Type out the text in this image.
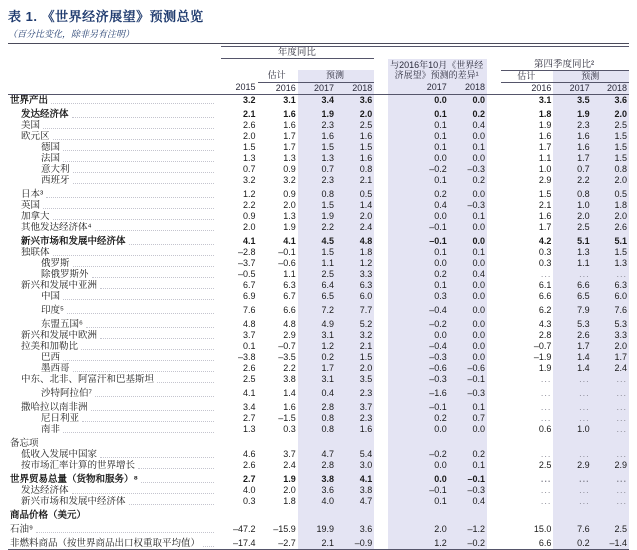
表 1. 《世界经济展望》预测总览
（百分比变化，除非另有注明）
	年度同比										

						与2016年10月《世界经
济展望》预测的差异¹			第四季度同比²		
		估计	预测						估计	预测	
	2015	2016	2017	2018		2017	2018		2016	2017	2018

世界产出	3.2	3.1	3.4	3.6		0.0	0.0		3.1	3.5	3.6

发达经济体	2.1	1.6	1.9	2.0		0.1	0.2		1.8	1.9	2.0

美国	2.6	1.6	2.3	2.5		0.1	0.4		1.9	2.3	2.5

欧元区	2.0	1.7	1.6	1.6		0.1	0.0		1.6	1.6	1.5

德国	1.5	1.7	1.5	1.5		0.1	0.1		1.7	1.6	1.5

法国	1.3	1.3	1.3	1.6		0.0	0.0		1.1	1.7	1.5

意大利	0.7	0.9	0.7	0.8		–0.2	–0.3		1.0	0.7	0.8

西班牙	3.2	3.2	2.3	2.1		0.1	0.2		2.9	2.2	2.0

日本³	1.2	0.9	0.8	0.5		0.2	0.0		1.5	0.8	0.5

英国	2.2	2.0	1.5	1.4		0.4	–0.3		2.1	1.0	1.8

加拿大	0.9	1.3	1.9	2.0		0.0	0.1		1.6	2.0	2.0

其他发达经济体⁴	2.0	1.9	2.2	2.4		–0.1	0.0		1.7	2.5	2.6

新兴市场和发展中经济体	4.1	4.1	4.5	4.8		–0.1	0.0		4.2	5.1	5.1

独联体	–2.8	–0.1	1.5	1.8		0.1	0.1		0.3	1.3	1.5

俄罗斯	–3.7	–0.6	1.1	1.2		0.0	0.0		0.3	1.1	1.3

除俄罗斯外	–0.5	1.1	2.5	3.3		0.2	0.4		...	...	...

新兴和发展中亚洲	6.7	6.3	6.4	6.3		0.1	0.0		6.1	6.6	6.3

中国	6.9	6.7	6.5	6.0		0.3	0.0		6.6	6.5	6.0

印度⁵	7.6	6.6	7.2	7.7		–0.4	0.0		6.2	7.9	7.6

东盟五国⁶	4.8	4.8	4.9	5.2		–0.2	0.0		4.3	5.3	5.3

新兴和发展中欧洲	3.7	2.9	3.1	3.2		0.0	0.0		2.8	2.6	3.3

拉美和加勒比	0.1	–0.7	1.2	2.1		–0.4	0.0		–0.7	1.7	2.0

巴西	–3.8	–3.5	0.2	1.5		–0.3	0.0		–1.9	1.4	1.7

墨西哥	2.6	2.2	1.7	2.0		–0.6	–0.6		1.9	1.4	2.4

中东、北非、阿富汗和巴基斯坦	2.5	3.8	3.1	3.5		–0.3	–0.1		...	...	...

沙特阿拉伯⁷	4.1	1.4	0.4	2.3		–1.6	–0.3		...	...	...

撒哈拉以南非洲	3.4	1.6	2.8	3.7		–0.1	0.1		...	...	...

尼日利亚	2.7	–1.5	0.8	2.3		0.2	0.7		...	...	...

南非	1.3	0.3	0.8	1.6		0.0	0.0		0.6	1.0	...

备忘项											

低收入发展中国家	4.6	3.7	4.7	5.4		–0.2	0.2		...	...	...

按市场汇率计算的世界增长	2.6	2.4	2.8	3.0		0.0	0.1		2.5	2.9	2.9

世界贸易总量（货物和服务）⁸	2.7	1.9	3.8	4.1		0.0	–0.1		...	...	...

发达经济体	4.0	2.0	3.6	3.8		–0.1	–0.3		...	...	...

新兴市场和发展中经济体	0.3	1.8	4.0	4.7		0.1	0.4		...	...	...

商品价格（美元）											

石油⁹	–47.2	–15.9	19.9	3.6		2.0	–1.2		15.0	7.6	2.5

非燃料商品（按世界商品出口权重取平均值）	–17.4	–2.7	2.1	–0.9		1.2	–0.2		6.6	0.2	–1.4
